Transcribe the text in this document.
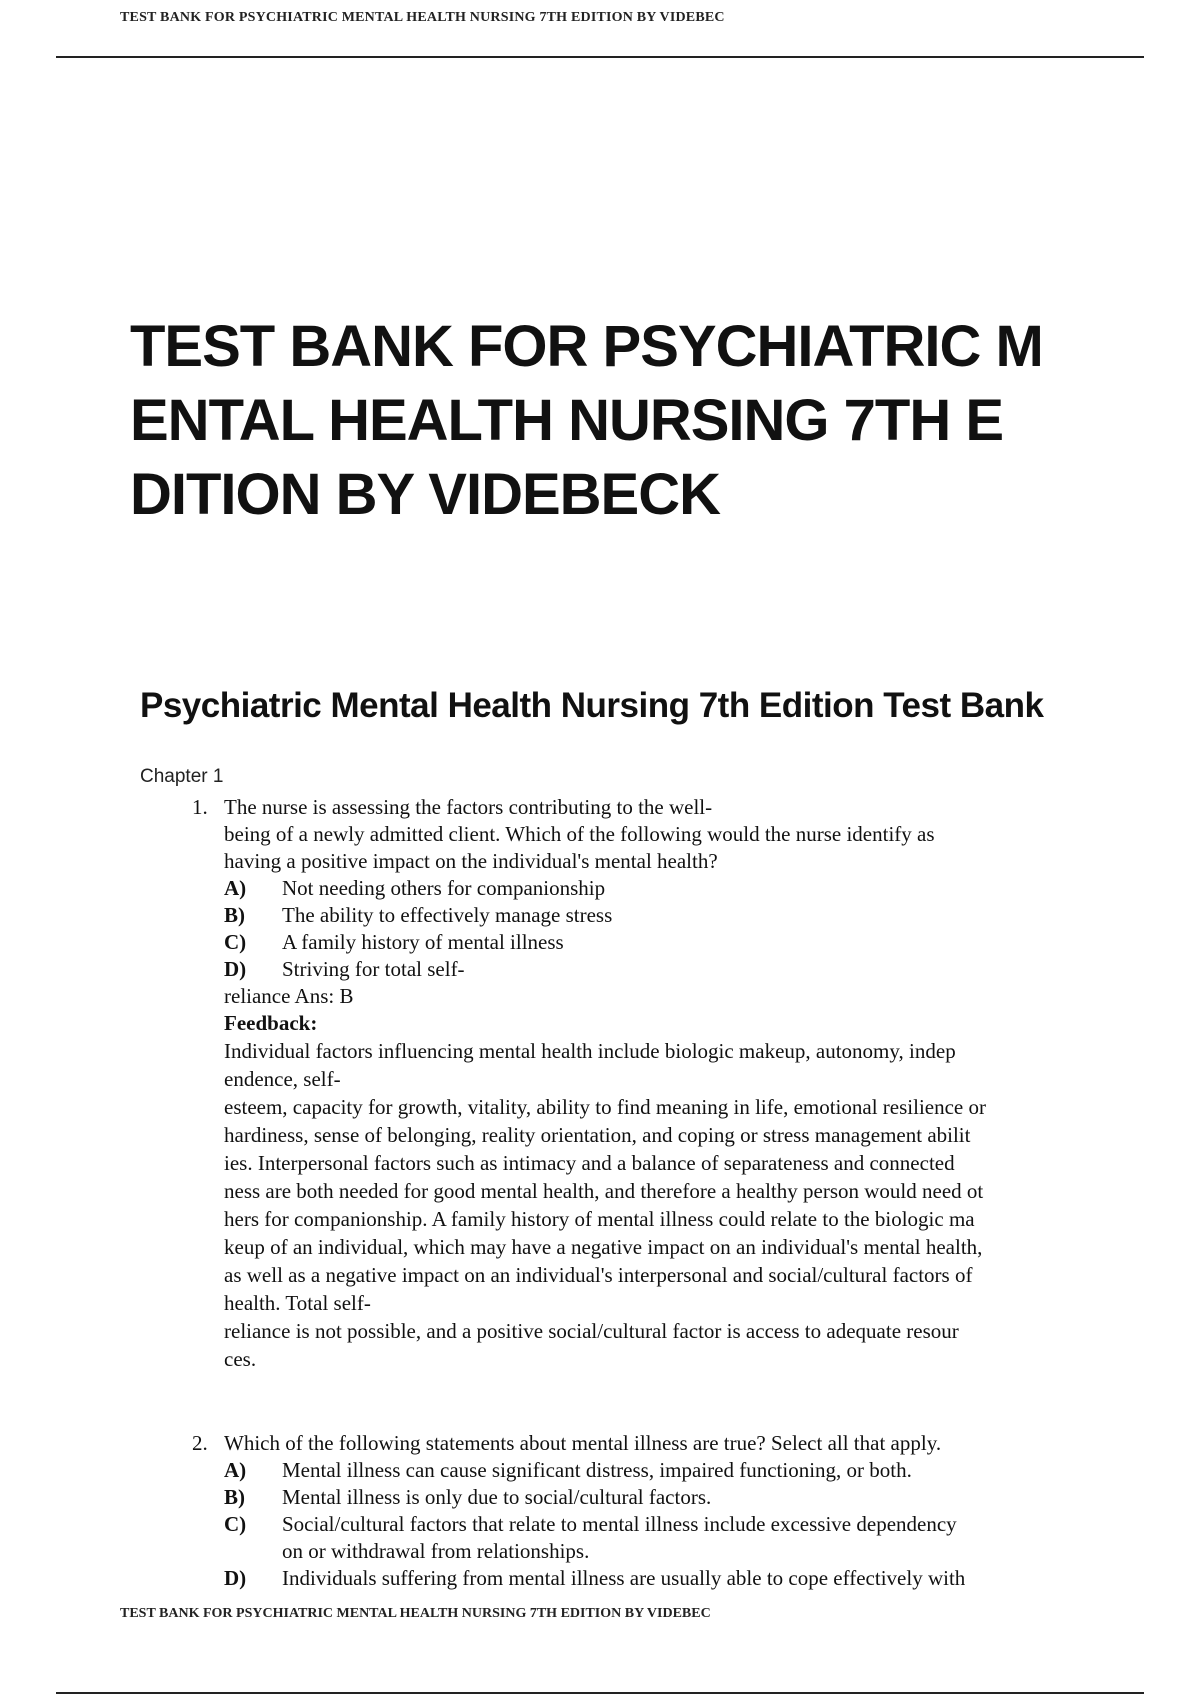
TEST BANK FOR PSYCHIATRIC MENTAL HEALTH NURSING 7TH EDITION BY VIDEBEC
TEST BANK FOR PSYCHIATRIC M
ENTAL HEALTH NURSING 7TH E
DITION BY VIDEBECK
Psychiatric Mental Health Nursing 7th Edition Test Bank
Chapter 1
1. The nurse is assessing the factors contributing to the well-
being of a newly admitted client. Which of the following would the nurse identify as
having a positive impact on the individual's mental health?
A) Not needing others for companionship
B) The ability to effectively manage stress
C) A family history of mental illness
D) Striving for total self-
reliance Ans: B
Feedback:
Individual factors influencing mental health include biologic makeup, autonomy, indep
endence, self-
esteem, capacity for growth, vitality, ability to find meaning in life, emotional resilience or
hardiness, sense of belonging, reality orientation, and coping or stress management abilit
ies. Interpersonal factors such as intimacy and a balance of separateness and connected
ness are both needed for good mental health, and therefore a healthy person would need ot
hers for companionship. A family history of mental illness could relate to the biologic ma
keup of an individual, which may have a negative impact on an individual's mental health,
as well as a negative impact on an individual's interpersonal and social/cultural factors of
health. Total self-
reliance is not possible, and a positive social/cultural factor is access to adequate resour
ces.
2. Which of the following statements about mental illness are true? Select all that apply.
A) Mental illness can cause significant distress, impaired functioning, or both.
B) Mental illness is only due to social/cultural factors.
C) Social/cultural factors that relate to mental illness include excessive dependency
on or withdrawal from relationships.
D) Individuals suffering from mental illness are usually able to cope effectively with
TEST BANK FOR PSYCHIATRIC MENTAL HEALTH NURSING 7TH EDITION BY VIDEBEC
